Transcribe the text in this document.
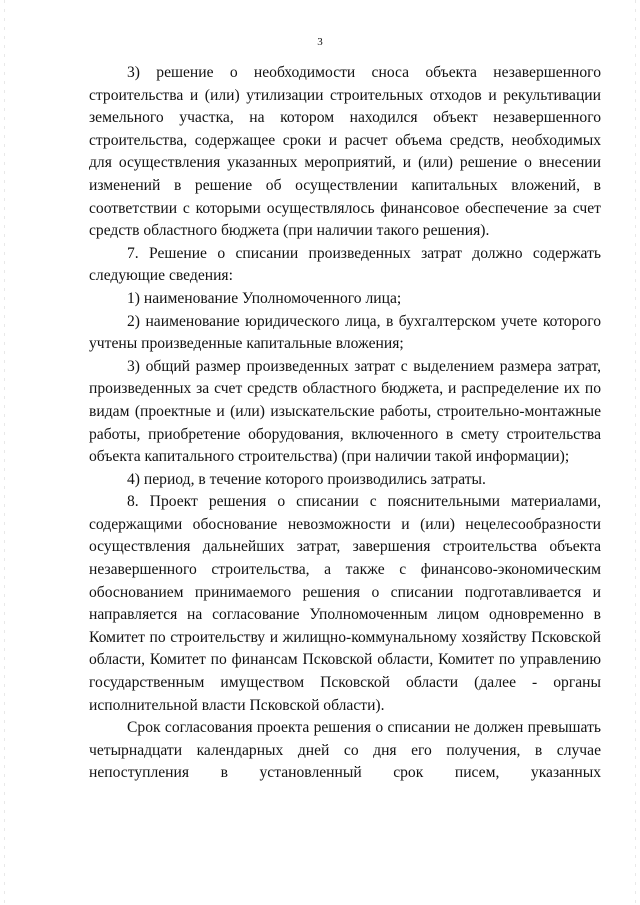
3

3) решение о необходимости сноса объекта незавершенного строительства и (или) утилизации строительных отходов и рекультивации земельного участка, на котором находился объект незавершенного строительства, содержащее сроки и расчет объема средств, необходимых для осуществления указанных мероприятий, и (или) решение о внесении изменений в решение об осуществлении капитальных вложений, в соответствии с которыми осуществлялось финансовое обеспечение за счет средств областного бюджета (при наличии такого решения).

7. Решение о списании произведенных затрат должно содержать следующие сведения:

1) наименование Уполномоченного лица;

2) наименование юридического лица, в бухгалтерском учете которого учтены произведенные капитальные вложения;

3) общий размер произведенных затрат с выделением размера затрат, произведенных за счет средств областного бюджета, и распределение их по видам (проектные и (или) изыскательские работы, строительно-монтажные работы, приобретение оборудования, включенного в смету строительства объекта капитального строительства) (при наличии такой информации);

4) период, в течение которого производились затраты.

8. Проект решения о списании с пояснительными материалами, содержащими обоснование невозможности и (или) нецелесообразности осуществления дальнейших затрат, завершения строительства объекта незавершенного строительства, а также с финансово-экономическим обоснованием принимаемого решения о списании подготавливается и направляется на согласование Уполномоченным лицом одновременно в Комитет по строительству и жилищно-коммунальному хозяйству Псковской области, Комитет по финансам Псковской области, Комитет по управлению государственным имуществом Псковской области (далее - органы исполнительной власти Псковской области).

Срок согласования проекта решения о списании не должен превышать четырнадцати календарных дней со дня его получения, в случае непоступления в установленный срок писем, указанных
